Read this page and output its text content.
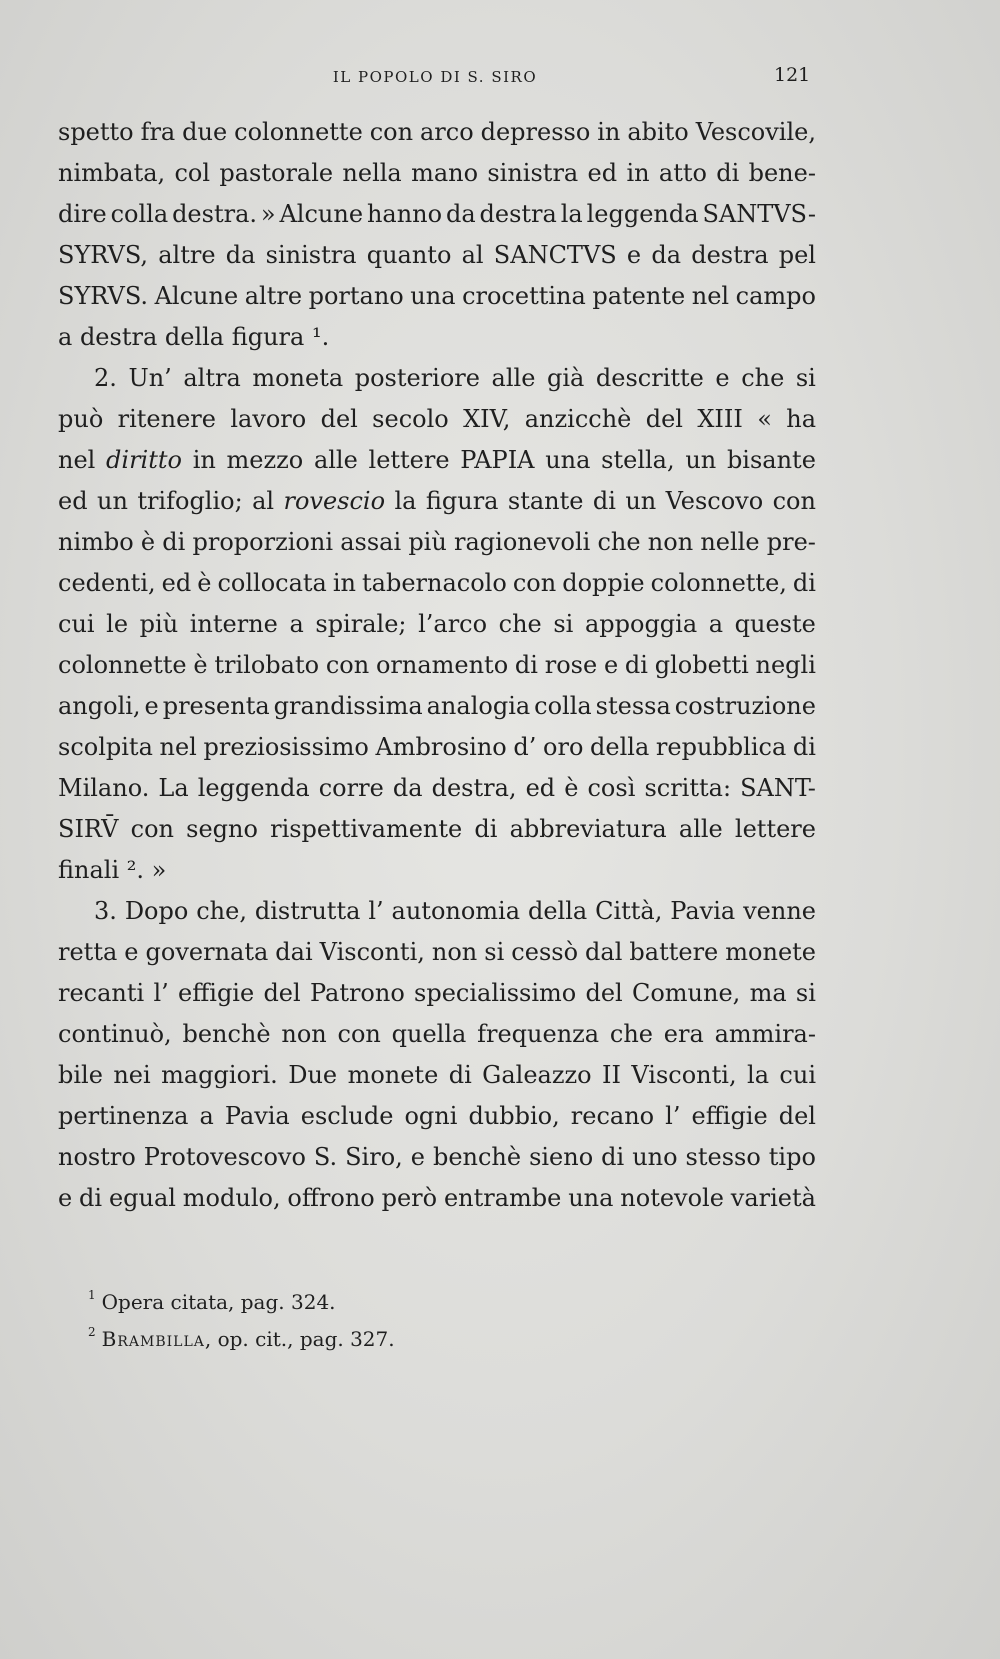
IL POPOLO DI S. SIRO	121
spetto fra due colonnette con arco depresso in abito Vescovile,
nimbata, col pastorale nella mano sinistra ed in atto di bene-
dire colla destra. » Alcune hanno da destra la leggenda SANTVS-
SYRVS, altre da sinistra quanto al SANCTVS e da destra pel
SYRVS. Alcune altre portano una crocettina patente nel campo
a destra della figura ¹.
2. Un’ altra moneta posteriore alle già descritte e che si
può ritenere lavoro del secolo XIV, anzicchè del XIII « ha
nel diritto in mezzo alle lettere PAPIA una stella, un bisante
ed un trifoglio; al rovescio la figura stante di un Vescovo con
nimbo è di proporzioni assai più ragionevoli che non nelle pre-
cedenti, ed è collocata in tabernacolo con doppie colonnette, di
cui le più interne a spirale; l’arco che si appoggia a queste
colonnette è trilobato con ornamento di rose e di globetti negli
angoli, e presenta grandissima analogia colla stessa costruzione
scolpita nel preziosissimo Ambrosino d’ oro della repubblica di
Milano. La leggenda corre da destra, ed è così scritta: SANT-
SIRV̄ con segno rispettivamente di abbreviatura alle lettere
finali ². »
3. Dopo che, distrutta l’ autonomia della Città, Pavia venne
retta e governata dai Visconti, non si cessò dal battere monete
recanti l’ effigie del Patrono specialissimo del Comune, ma si
continuò, benchè non con quella frequenza che era ammira-
bile nei maggiori. Due monete di Galeazzo II Visconti, la cui
pertinenza a Pavia esclude ogni dubbio, recano l’ effigie del
nostro Protovescovo S. Siro, e benchè sieno di uno stesso tipo
e di egual modulo, offrono però entrambe una notevole varietà
$^1$ Opera citata, pag. 324.
$^2$ Brambilla, op. cit., pag. 327.
